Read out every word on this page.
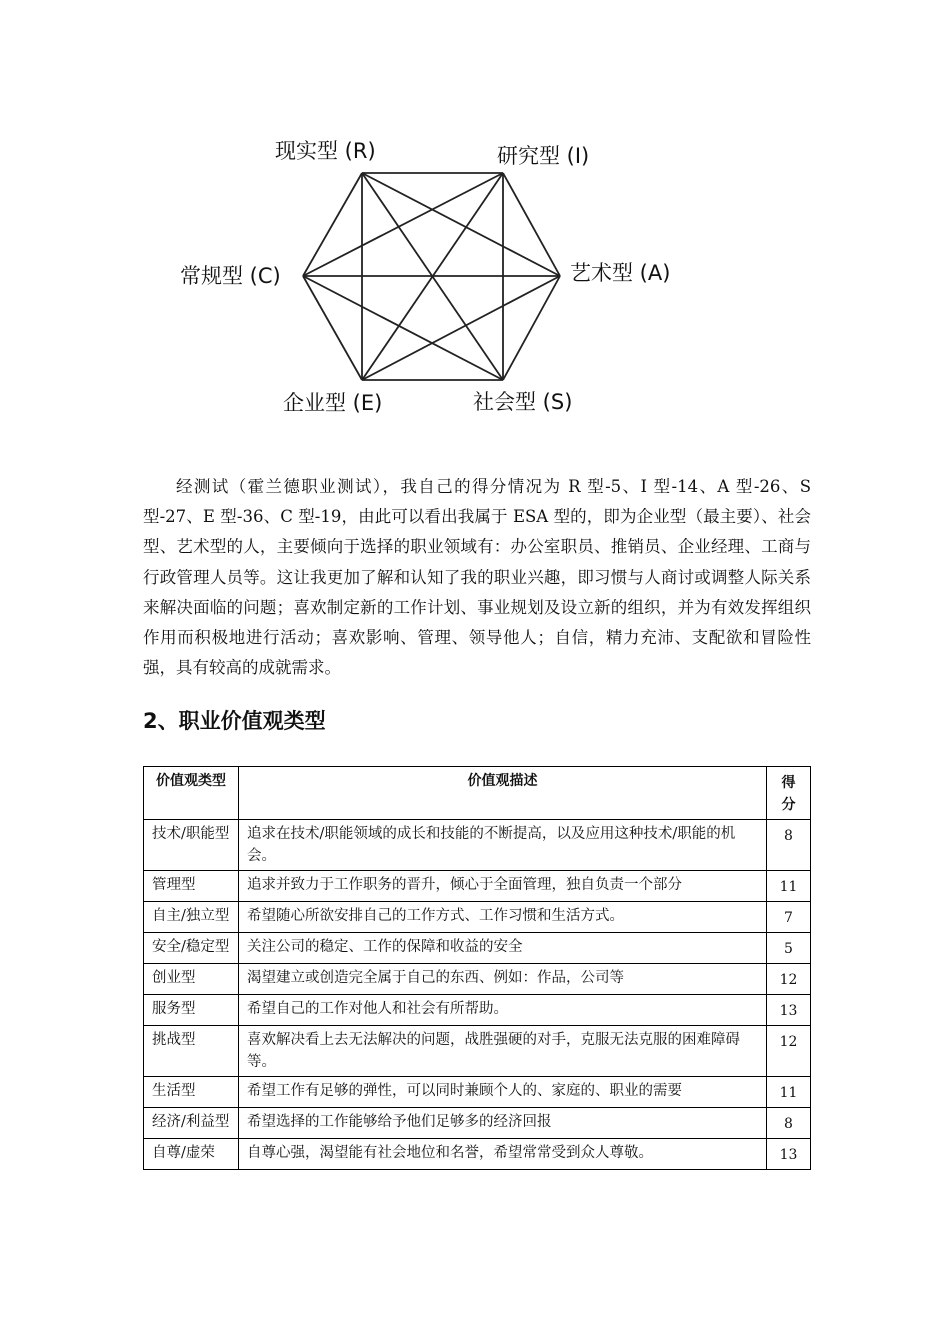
现实型 (R)	研究型 (I)
艺术型 (A)
社会型 (S)
企业型 (E)
常规型 (C)

经测试（霍兰德职业测试），我自己的得分情况为 R 型-5、I 型-14、A 型-26、S 型-27、E 型-36、C 型-19，由此可以看出我属于 ESA 型的，即为企业型（最主要）、社会型、艺术型的人，主要倾向于选择的职业领域有：办公室职员、推销员、企业经理、工商与行政管理人员等。这让我更加了解和认知了我的职业兴趣，即习惯与人商讨或调整人际关系来解决面临的问题；喜欢制定新的工作计划、事业规划及设立新的组织，并为有效发挥组织作用而积极地进行活动；喜欢影响、管理、领导他人；自信，精力充沛、支配欲和冒险性强，具有较高的成就需求。

2、职业价值观类型
价值观类型	价值观描述	得分
技术/职能型	追求在技术/职能领域的成长和技能的不断提高，以及应用这种技术/职能的机会。	8
管理型	追求并致力于工作职务的晋升，倾心于全面管理，独自负责一个部分	11
自主/独立型	希望随心所欲安排自己的工作方式、工作习惯和生活方式。	7
安全/稳定型	关注公司的稳定、工作的保障和收益的安全	5
创业型	渴望建立或创造完全属于自己的东西、例如：作品，公司等	12
服务型	希望自己的工作对他人和社会有所帮助。	13
挑战型	喜欢解决看上去无法解决的问题，战胜强硬的对手，克服无法克服的困难障碍等。	12
生活型	希望工作有足够的弹性，可以同时兼顾个人的、家庭的、职业的需要	11
经济/利益型	希望选择的工作能够给予他们足够多的经济回报	8
自尊/虚荣	自尊心强，渴望能有社会地位和名誉，希望常常受到众人尊敬。	13
